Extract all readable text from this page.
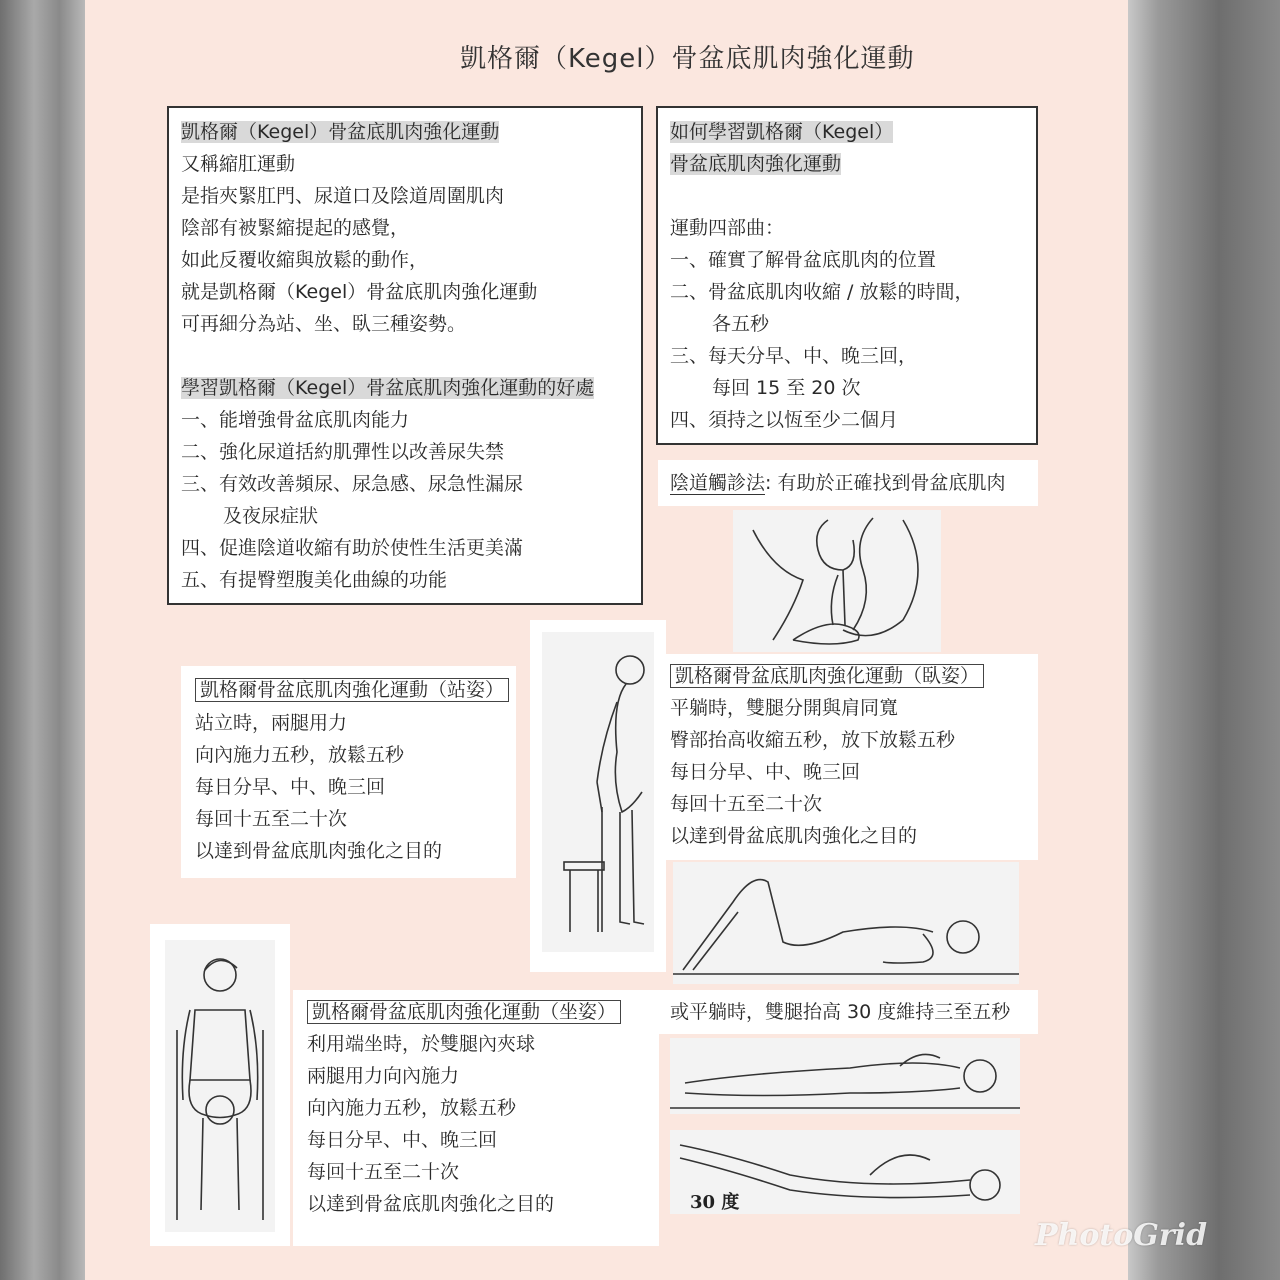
凱格爾（Kegel）骨盆底肌肉強化運動
凱格爾（Kegel）骨盆底肌肉強化運動
又稱縮肛運動
是指夾緊肛門、尿道口及陰道周圍肌肉
陰部有被緊縮提起的感覺，
如此反覆收縮與放鬆的動作，
就是凱格爾（Kegel）骨盆底肌肉強化運動
可再細分為站、坐、臥三種姿勢。
學習凱格爾（Kegel）骨盆底肌肉強化運動的好處
一、能增強骨盆底肌肉能力
二、強化尿道括約肌彈性以改善尿失禁
三、有效改善頻尿、尿急感、尿急性漏尿
及夜尿症狀
四、促進陰道收縮有助於使性生活更美滿
五、有提臀塑腹美化曲線的功能
如何學習凱格爾（Kegel）
骨盆底肌肉強化運動
運動四部曲：
一、確實了解骨盆底肌肉的位置
二、骨盆底肌肉收縮 / 放鬆的時間，
各五秒
三、每天分早、中、晚三回，
每回 15 至 20 次
四、須持之以恆至少二個月
陰道觸診法: 有助於正確找到骨盆底肌肉
凱格爾骨盆底肌肉強化運動（站姿）
站立時，兩腿用力
向內施力五秒，放鬆五秒
每日分早、中、晚三回
每回十五至二十次
以達到骨盆底肌肉強化之目的
凱格爾骨盆底肌肉強化運動（臥姿）
平躺時，雙腿分開與肩同寬
臀部抬高收縮五秒，放下放鬆五秒
每日分早、中、晚三回
每回十五至二十次
以達到骨盆底肌肉強化之目的
或平躺時，雙腿抬高 30 度維持三至五秒
30 度
凱格爾骨盆底肌肉強化運動（坐姿）
利用端坐時，於雙腿內夾球
兩腿用力向內施力
向內施力五秒，放鬆五秒
每日分早、中、晚三回
每回十五至二十次
以達到骨盆底肌肉強化之目的
PhotoGrid
